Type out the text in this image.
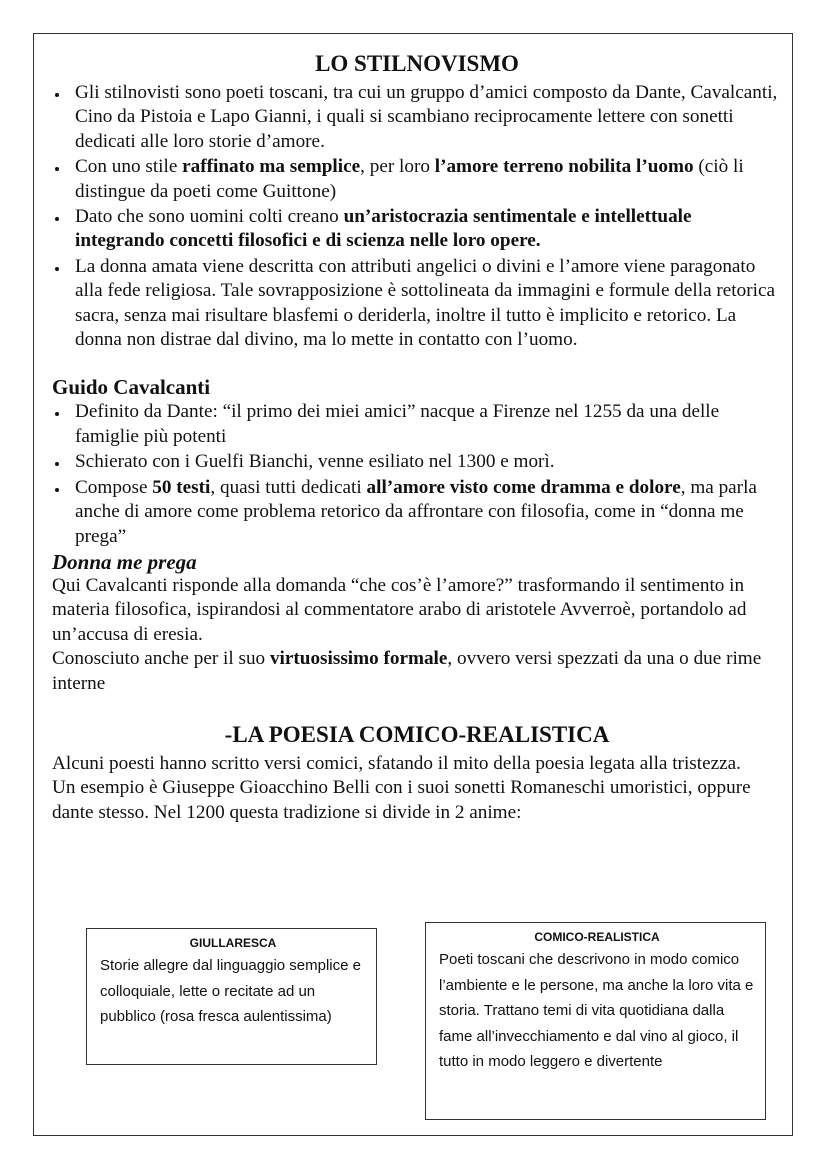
LO STILNOVISMO
Gli stilnovisti sono poeti toscani, tra cui un gruppo d’amici composto da Dante, Cavalcanti, Cino da Pistoia e Lapo Gianni, i quali si scambiano reciprocamente lettere con sonetti dedicati alle loro storie d’amore.
Con uno stile raffinato ma semplice, per loro l’amore terreno nobilita l’uomo (ciò li distingue da poeti come Guittone)
Dato che sono uomini colti creano un’aristocrazia sentimentale e intellettuale integrando concetti filosofici e di scienza nelle loro opere.
La donna amata viene descritta con attributi angelici o divini e l’amore viene paragonato alla fede religiosa. Tale sovrapposizione è sottolineata da immagini e formule della retorica sacra, senza mai risultare blasfemi o deriderla, inoltre il tutto è implicito e retorico. La donna non distrae dal divino, ma lo mette in contatto con l’uomo.
Guido Cavalcanti
Definito da Dante: “il primo dei miei amici” nacque a Firenze nel 1255 da una delle famiglie più potenti
Schierato con i Guelfi Bianchi, venne esiliato nel 1300 e morì.
Compose 50 testi, quasi tutti dedicati all’amore visto come dramma e dolore, ma parla anche di amore come problema retorico da affrontare con filosofia, come in “donna me prega”
Donna me prega

Qui Cavalcanti risponde alla domanda “che cos’è l’amore?” trasformando il sentimento in materia filosofica, ispirandosi al commentatore arabo di aristotele Avverroè, portandolo ad un’accusa di eresia.

Conosciuto anche per il suo virtuosissimo formale, ovvero versi spezzati da una o due rime interne

-LA POESIA COMICO-REALISTICA

Alcuni poesti hanno scritto versi comici, sfatando il mito della poesia legata alla tristezza.

Un esempio è Giuseppe Gioacchino Belli con i suoi sonetti Romaneschi umoristici, oppure dante stesso. Nel 1200 questa tradizione si divide in 2 anime:

GIULLARESCA
Storie allegre dal linguaggio semplice e colloquiale, lette o recitate ad un pubblico (rosa fresca aulentissima)
COMICO-REALISTICA
Poeti toscani che descrivono in modo comico l’ambiente e le persone, ma anche la loro vita e storia. Trattano temi di vita quotidiana dalla fame all’invecchiamento e dal vino al gioco, il tutto in modo leggero e divertente
